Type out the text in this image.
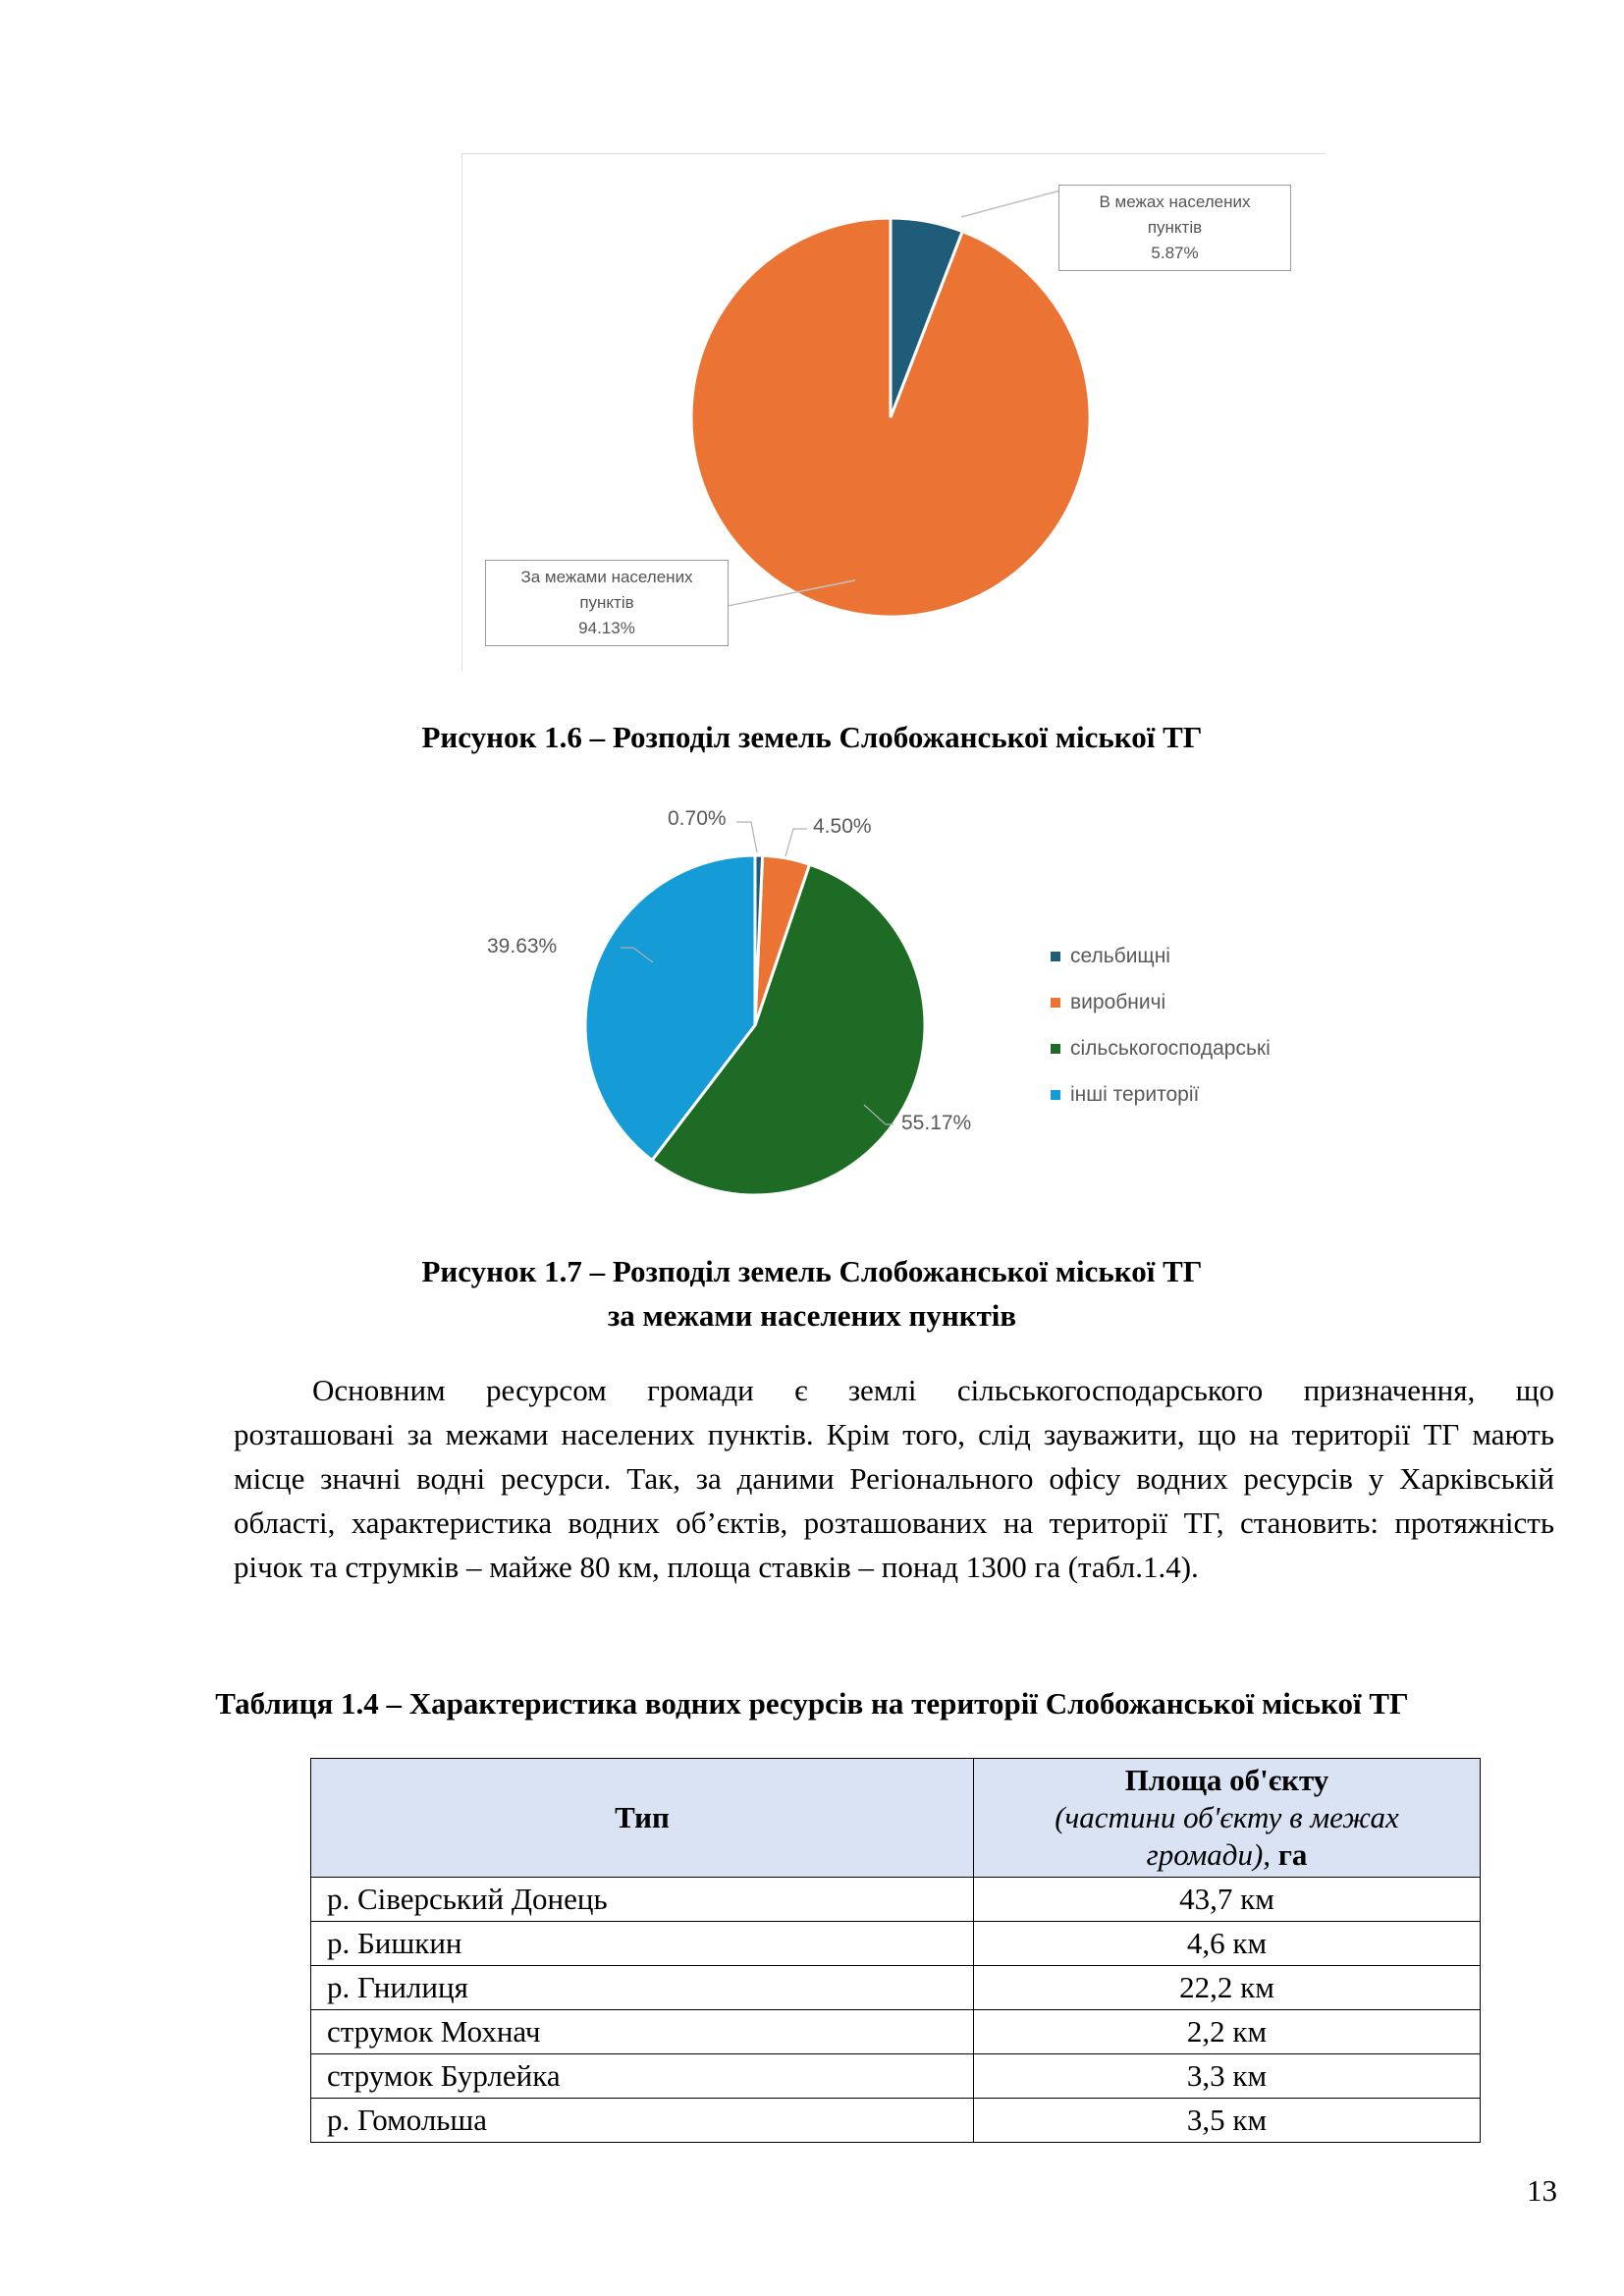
В межах населених
пунктів
5.87%
За межами населених
пунктів
94.13%
Рисунок 1.6 – Розподіл земель Слобожанської міської ТГ
0.70%	4.50%
55.17%
39.63%	сельбищні
виробничі
сільськогосподарські
інші території
Рисунок 1.7 – Розподіл земель Слобожанської міської ТГ
за межами населених пунктів
Основним ресурсом громади є землі сільськогосподарського призначення, що
розташовані за межами населених пунктів. Крім того, слід зауважити, що на території ТГ мають місце значні водні ресурси. Так, за даними Регіонального офісу водних ресурсів у Харківській області, характеристика водних об’єктів, розташованих на території ТГ, становить: протяжність річок та струмків – майже 80 км, площа ставків – понад 1300 га (табл.1.4).
Таблиця 1.4 – Характеристика водних ресурсів на території Слобожанської міської ТГ
Тип	Площа об'єкту
(частини об'єкту в межах громади), га

р. Сіверський Донець	43,7 км
р. Бишкин	4,6 км
р. Гнилиця	22,2 км
струмок Мохнач	2,2 км
струмок Бурлейка	3,3 км
р. Гомольша	3,5 км
13
